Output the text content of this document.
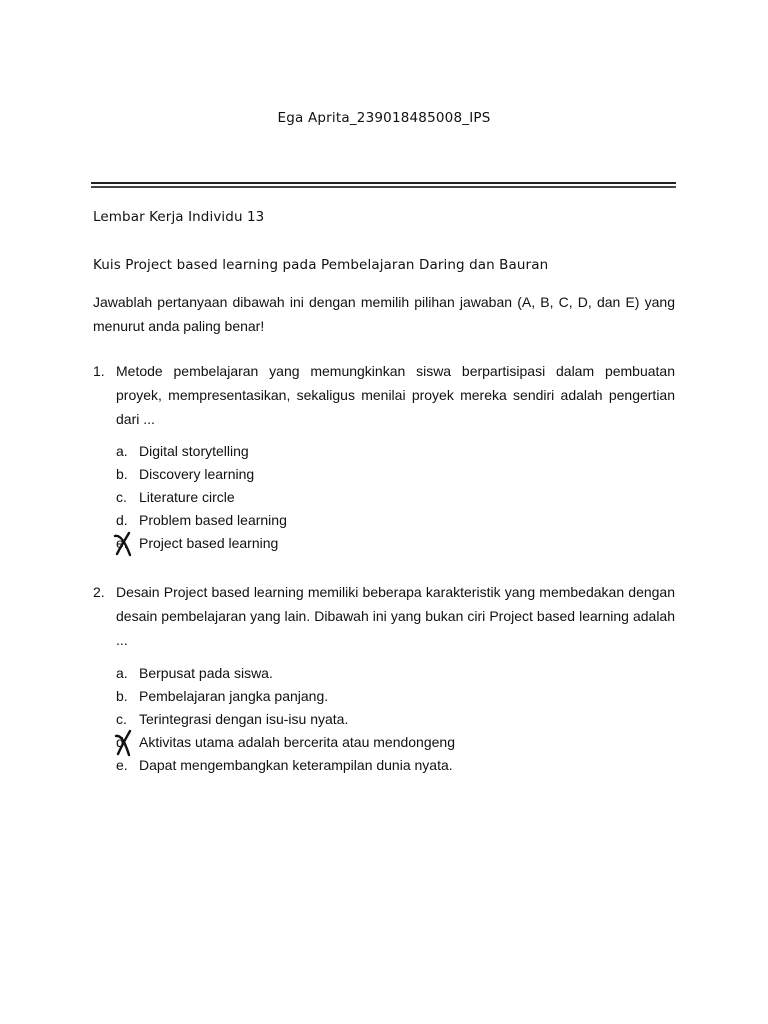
Ega Aprita_239018485008_IPS
Lembar Kerja Individu 13
Kuis Project based learning pada Pembelajaran Daring dan Bauran
Jawablah pertanyaan dibawah ini dengan memilih pilihan jawaban (A, B, C, D, dan E) yang menurut anda paling benar!
1. Metode pembelajaran yang memungkinkan siswa berpartisipasi dalam pembuatan proyek, mempresentasikan, sekaligus menilai proyek mereka sendiri adalah pengertian dari ...
a. Digital storytelling
b. Discovery learning
c. Literature circle
d. Problem based learning
e. Project based learning
2. Desain Project based learning memiliki beberapa karakteristik yang membedakan dengan desain pembelajaran yang lain. Dibawah ini yang bukan ciri Project based learning adalah ...
a. Berpusat pada siswa.
b. Pembelajaran jangka panjang.
c. Terintegrasi dengan isu-isu nyata.
d. Aktivitas utama adalah bercerita atau mendongeng
e. Dapat mengembangkan keterampilan dunia nyata.
